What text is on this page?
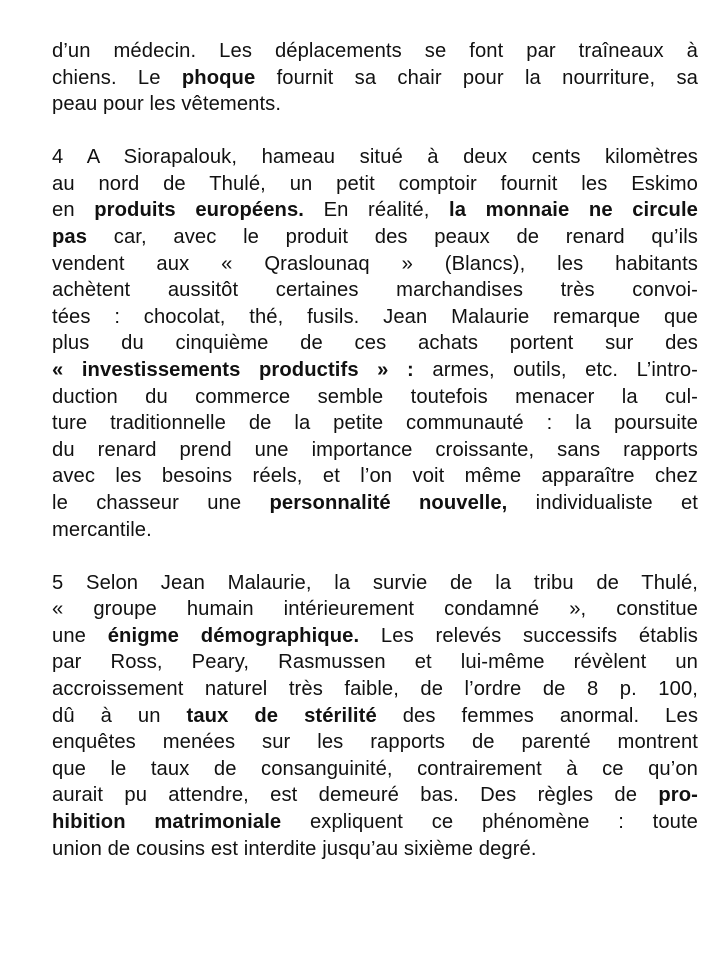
d’un médecin. Les déplacements se font par traîneaux à
chiens. Le phoque fournit sa chair pour la nourriture, sa
peau pour les vêtements.
4 A Siorapalouk, hameau situé à deux cents kilomètres
au nord de Thulé, un petit comptoir fournit les Eskimo
en produits européens. En réalité, la monnaie ne circule
pas car, avec le produit des peaux de renard qu’ils
vendent aux « Qraslounaq » (Blancs), les habitants
achètent aussitôt certaines marchandises très convoi-
tées : chocolat, thé, fusils. Jean Malaurie remarque que
plus du cinquième de ces achats portent sur des
« investissements productifs » : armes, outils, etc. L’intro-
duction du commerce semble toutefois menacer la cul-
ture traditionnelle de la petite communauté : la poursuite
du renard prend une importance croissante, sans rapports
avec les besoins réels, et l’on voit même apparaître chez
le chasseur une personnalité nouvelle, individualiste et
mercantile.
5 Selon Jean Malaurie, la survie de la tribu de Thulé,
« groupe humain intérieurement condamné », constitue
une énigme démographique. Les relevés successifs établis
par Ross, Peary, Rasmussen et lui-même révèlent un
accroissement naturel très faible, de l’ordre de 8 p. 100,
dû à un taux de stérilité des femmes anormal. Les
enquêtes menées sur les rapports de parenté montrent
que le taux de consanguinité, contrairement à ce qu’on
aurait pu attendre, est demeuré bas. Des règles de pro-
hibition matrimoniale expliquent ce phénomène : toute
union de cousins est interdite jusqu’au sixième degré.
